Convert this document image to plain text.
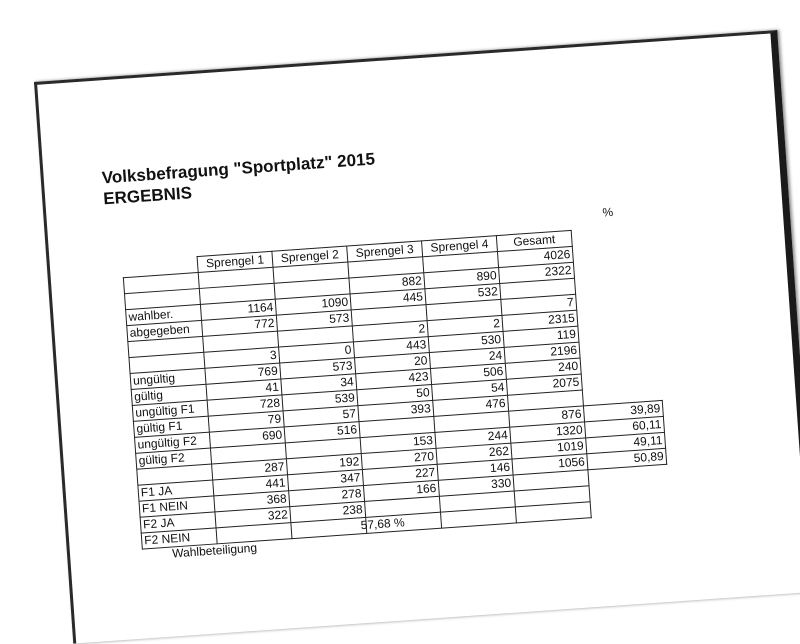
Volksbefragung "Sportplatz" 2015
ERGEBNIS
%
	Sprengel 1	Sprengel 2	Sprengel 3	Sprengel 4	Gesamt	
					4026	
			882	890	2322	
wahlber.	1164	1090	445	532		
abgegeben	772	573			7	
			2	2	2315	
	3	0	443	530	119	
ungültig	769	573	20	24	2196	
gültig	41	34	423	506	240	
ungültig F1	728	539	50	54	2075	
gültig F1	79	57	393	476		
ungültig F2	690	516			876	39,89
gültig F2			153	244	1320	60,11
	287	192	270	262	1019	49,11
F1 JA	441	347	227	146	1056	50,89
F1 NEIN	368	278	166	330		
F2 JA	322	238				
F2 NEIN						
57,68 %
Wahlbeteiligung
